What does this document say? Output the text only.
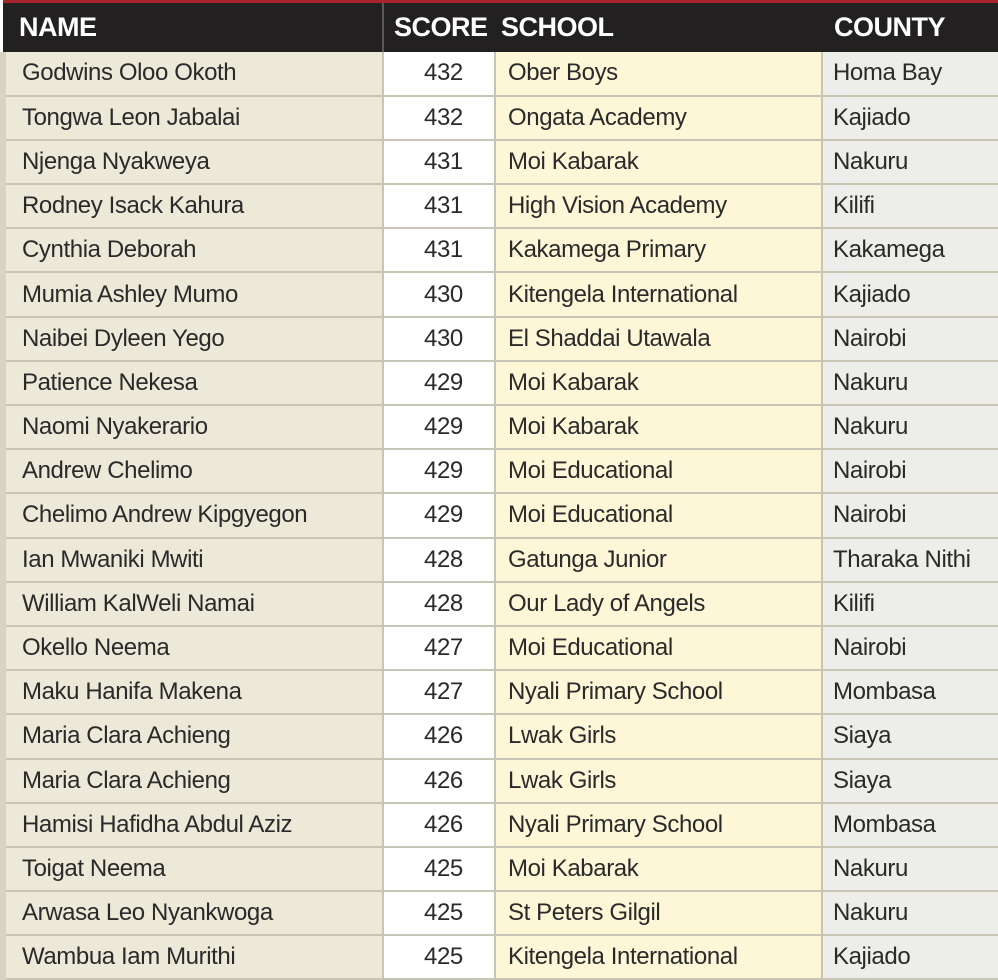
NAME	SCORE	SCHOOL	COUNTY
Godwins Oloo Okoth	432	Ober Boys	Homa Bay
Tongwa Leon Jabalai	432	Ongata Academy	Kajiado
Njenga Nyakweya	431	Moi Kabarak	Nakuru
Rodney Isack Kahura	431	High Vision Academy	Kilifi
Cynthia Deborah	431	Kakamega Primary	Kakamega
Mumia Ashley Mumo	430	Kitengela International	Kajiado
Naibei Dyleen Yego	430	El Shaddai Utawala	Nairobi
Patience Nekesa	429	Moi Kabarak	Nakuru
Naomi Nyakerario	429	Moi Kabarak	Nakuru
Andrew Chelimo	429	Moi Educational	Nairobi
Chelimo Andrew Kipgyegon	429	Moi Educational	Nairobi
Ian Mwaniki Mwiti	428	Gatunga Junior	Tharaka Nithi
William KalWeli Namai	428	Our Lady of Angels	Kilifi
Okello Neema	427	Moi Educational	Nairobi
Maku Hanifa Makena	427	Nyali Primary School	Mombasa
Maria Clara Achieng	426	Lwak Girls	Siaya
Maria Clara Achieng	426	Lwak Girls	Siaya
Hamisi Hafidha Abdul Aziz	426	Nyali Primary School	Mombasa
Toigat Neema	425	Moi Kabarak	Nakuru
Arwasa Leo Nyankwoga	425	St Peters Gilgil	Nakuru
Wambua Iam Murithi	425	Kitengela International	Kajiado
